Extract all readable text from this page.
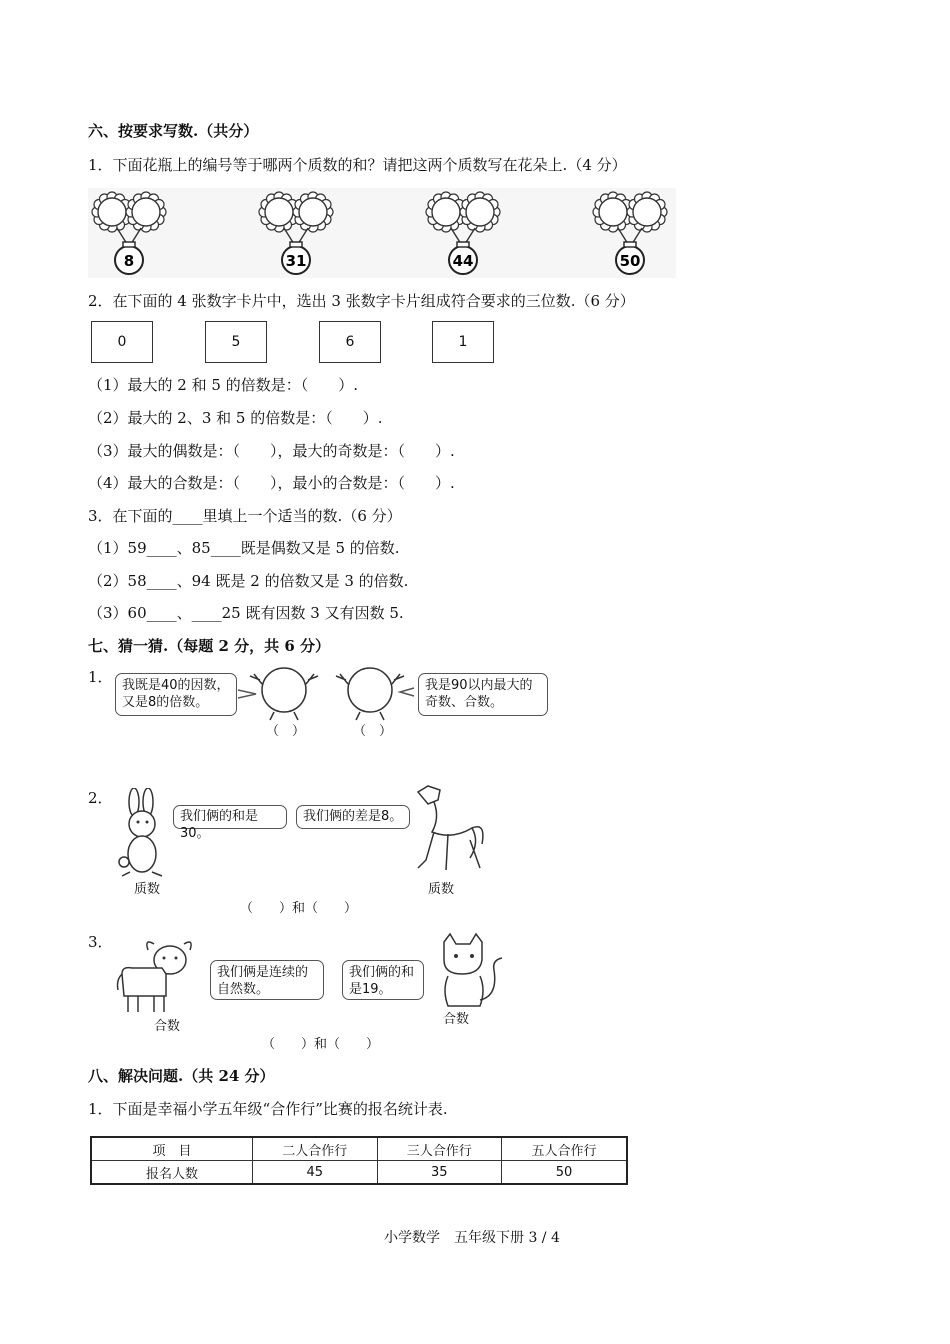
六、按要求写数.（共分）
1．下面花瓶上的编号等于哪两个质数的和？请把这两个质数写在花朵上.（4 分）
8	31	44	50
2．在下面的 4 张数字卡片中，选出 3 张数字卡片组成符合要求的三位数.（6 分）
0	5	6	1
（1）最大的 2 和 5 的倍数是：（　　）.
（2）最大的 2、3 和 5 的倍数是：（　　）.
（3）最大的偶数是：（　　），最大的奇数是：（　　）.
（4）最大的合数是：（　　），最小的合数是：（　　）.
3．在下面的____里填上一个适当的数.（6 分）
（1）59____、85____既是偶数又是 5 的倍数.
（2）58____、94 既是 2 的倍数又是 3 的倍数.
（3）60____、____25 既有因数 3 又有因数 5.
七、猜一猜.（每题 2 分，共 6 分）
1． 我既是40的因数，
又是8的倍数。
我是90以内最大的
奇数、合数。
（　）	（　）
2．
我们俩的和是30。
我们俩的差是8。
质数	质数
（　　）和（　　）
3．
我们俩是连续的
自然数。
我们俩的和
是19。
合数	合数
（　　）和（　　）
八、解决问题.（共 24 分）
1．下面是幸福小学五年级“合作行”比赛的报名统计表.
项　目	二人合作行	三人合作行	五人合作行
报名人数	45	35	50
小学数学　五年级下册 3 / 4
